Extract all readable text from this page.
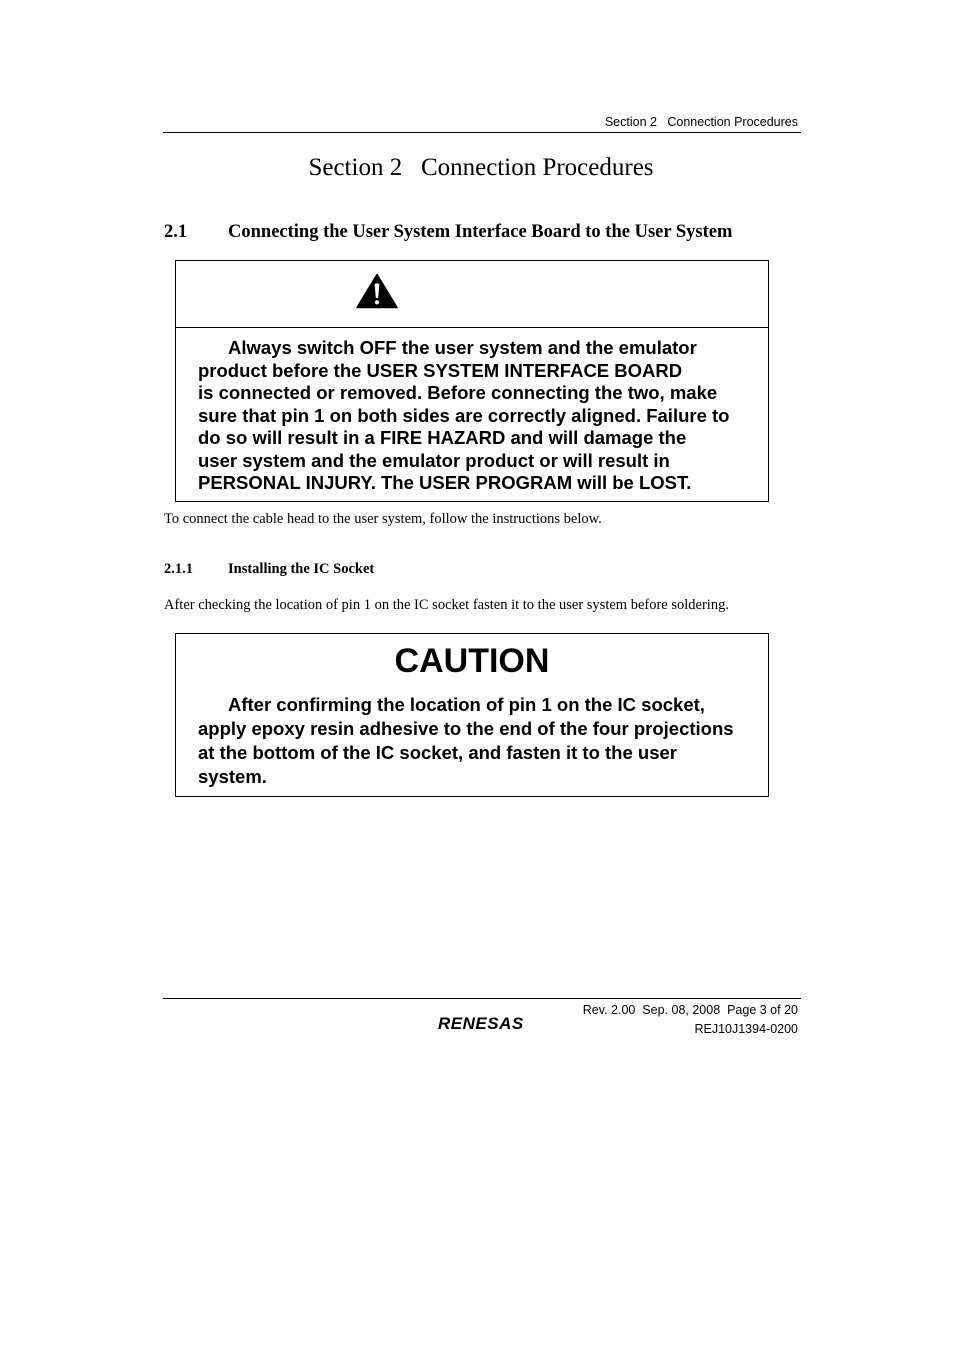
Section 2   Connection Procedures
Section 2   Connection Procedures
2.1 Connecting the User System Interface Board to the User System
Always switch OFF the user system and the emulator
product before the USER SYSTEM INTERFACE BOARD
is connected or removed. Before connecting the two, make
sure that pin 1 on both sides are correctly aligned. Failure to
do so will result in a FIRE HAZARD and will damage the
user system and the emulator product or will result in
PERSONAL INJURY. The USER PROGRAM will be LOST.
To connect the cable head to the user system, follow the instructions below.
2.1.1 Installing the IC Socket
After checking the location of pin 1 on the IC socket fasten it to the user system before soldering.
CAUTION
After confirming the location of pin 1 on the IC socket,
apply epoxy resin adhesive to the end of the four projections
at the bottom of the IC socket, and fasten it to the user
system.
RENESAS
Rev. 2.00  Sep. 08, 2008  Page 3 of 20
REJ10J1394-0200
